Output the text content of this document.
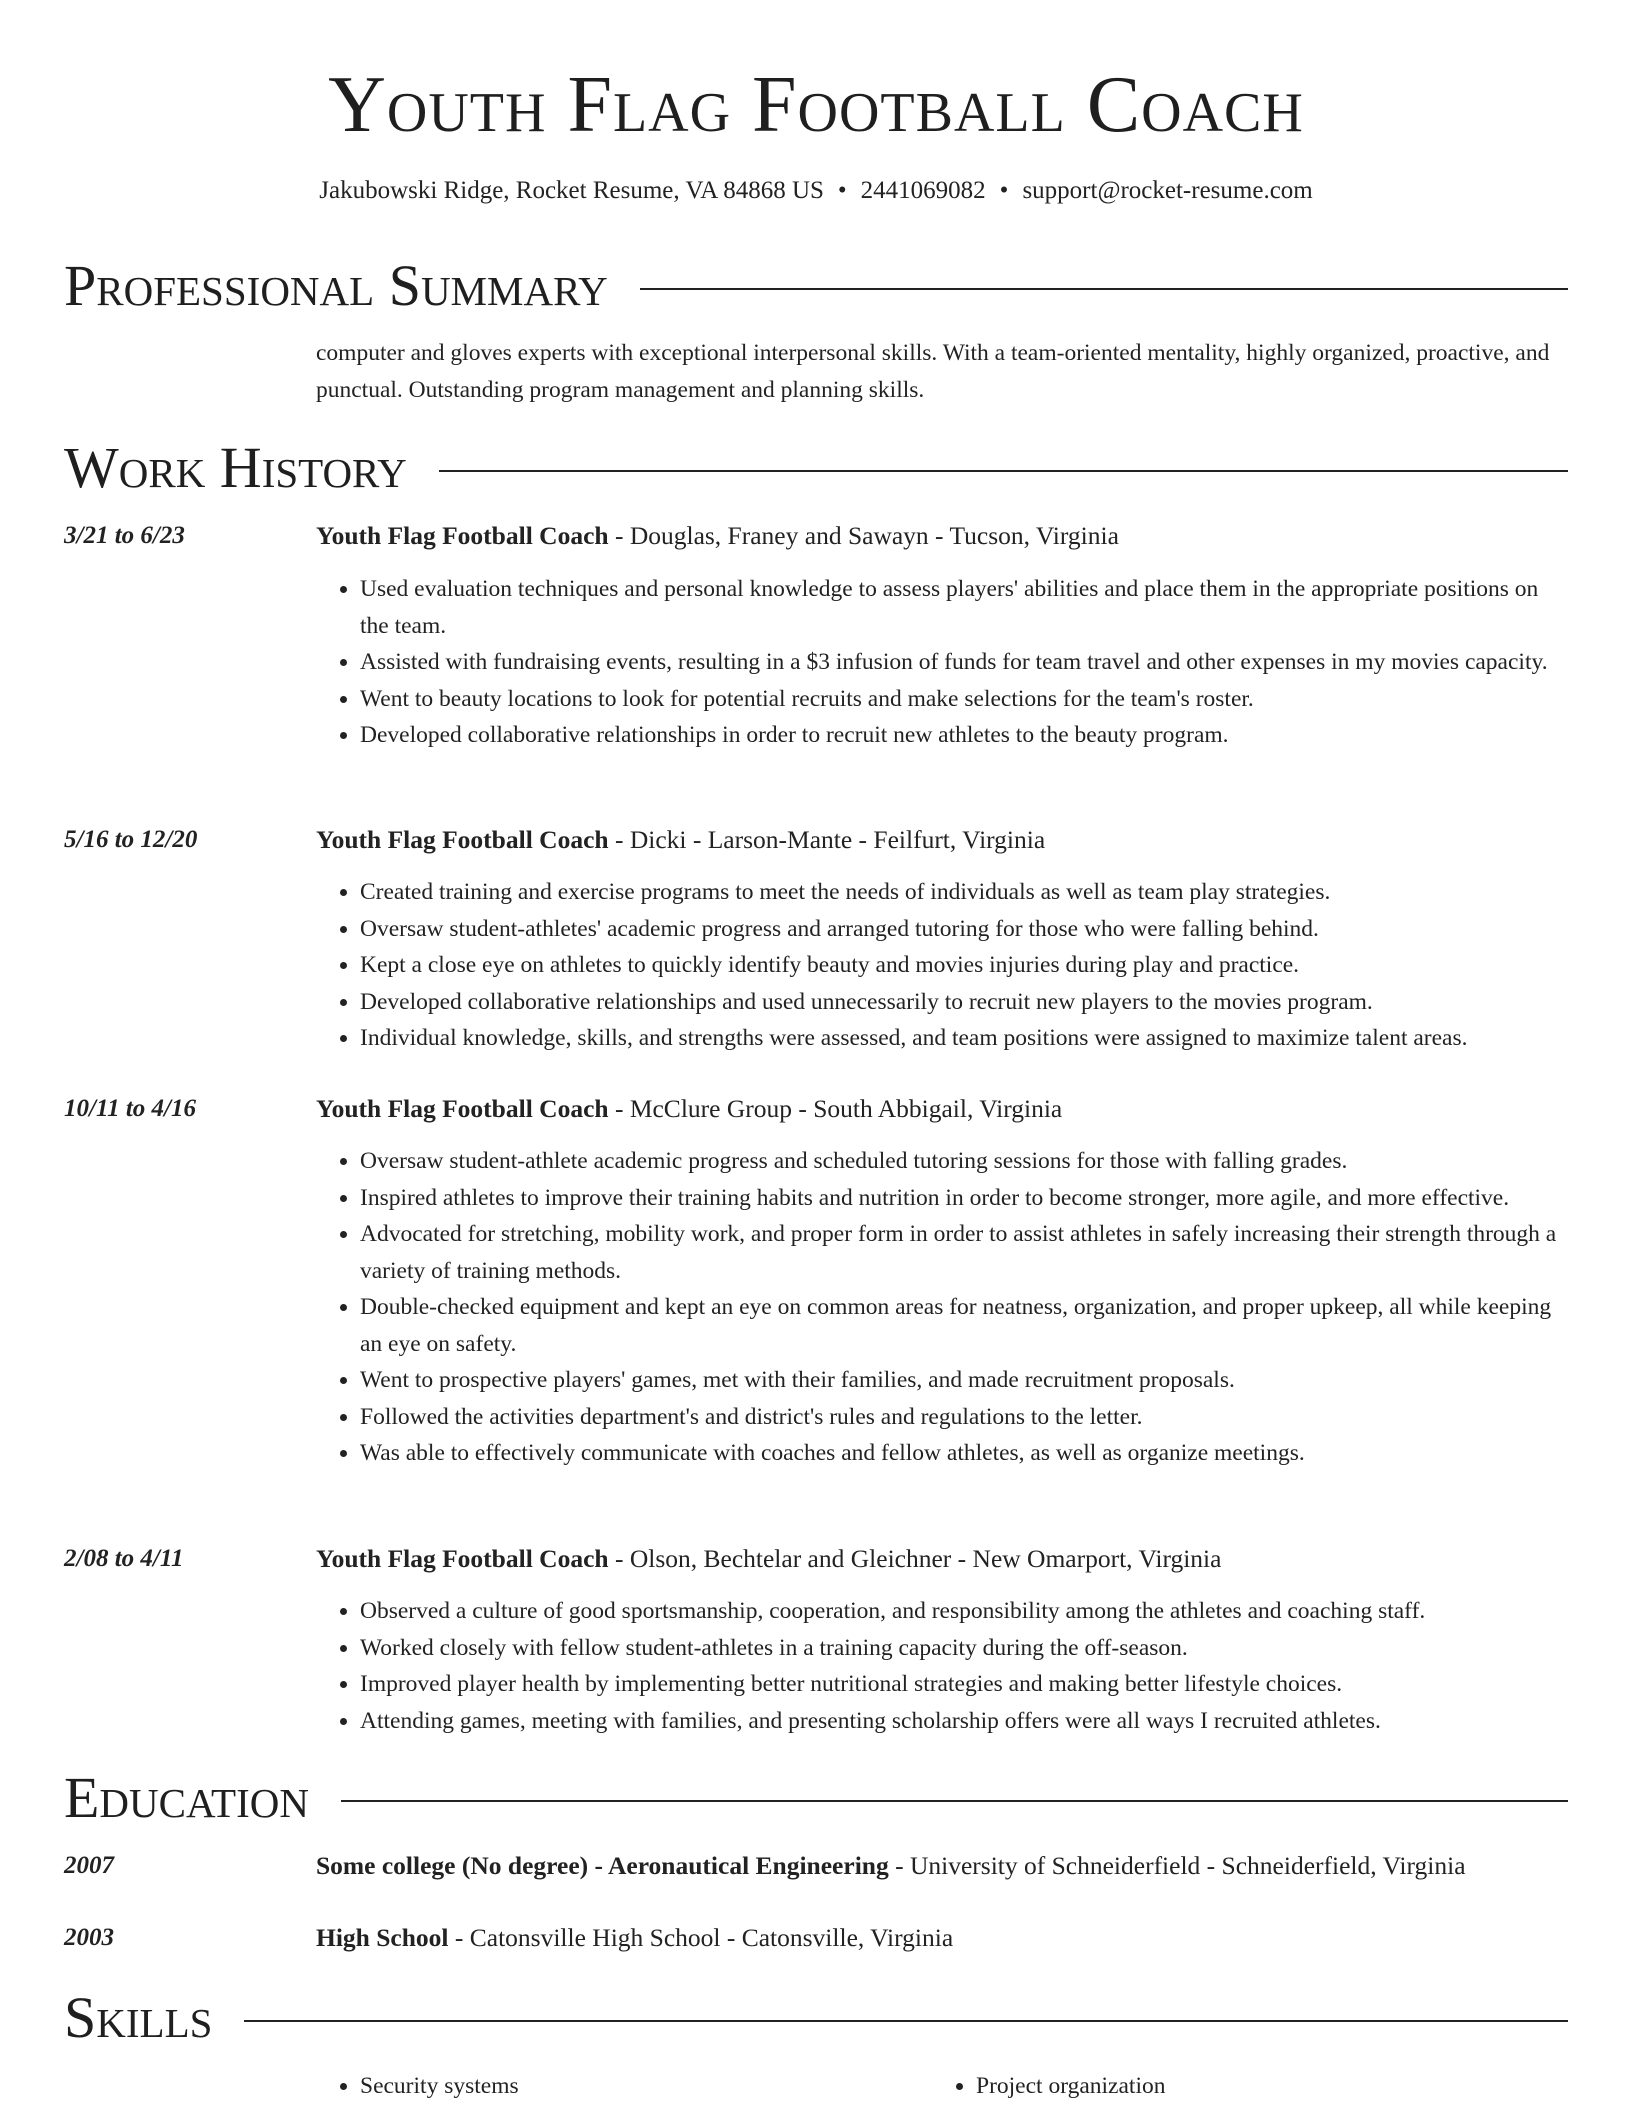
Youth Flag Football Coach
Jakubowski Ridge, Rocket Resume, VA 84868 US • 2441069082 • support@rocket-resume.com
Professional Summary
computer and gloves experts with exceptional interpersonal skills. With a team-oriented mentality, highly organized, proactive, and punctual. Outstanding program management and planning skills.
Work History
3/21 to 6/23	Youth Flag Football Coach - Douglas, Franey and Sawayn - Tucson, Virginia
• Used evaluation techniques and personal knowledge to assess players' abilities and place them in the appropriate positions on the team.
• Assisted with fundraising events, resulting in a $3 infusion of funds for team travel and other expenses in my movies capacity.
• Went to beauty locations to look for potential recruits and make selections for the team's roster.
• Developed collaborative relationships in order to recruit new athletes to the beauty program.
5/16 to 12/20	Youth Flag Football Coach - Dicki - Larson-Mante - Feilfurt, Virginia
• Created training and exercise programs to meet the needs of individuals as well as team play strategies.
• Oversaw student-athletes' academic progress and arranged tutoring for those who were falling behind.
• Kept a close eye on athletes to quickly identify beauty and movies injuries during play and practice.
• Developed collaborative relationships and used unnecessarily to recruit new players to the movies program.
• Individual knowledge, skills, and strengths were assessed, and team positions were assigned to maximize talent areas.
10/11 to 4/16	Youth Flag Football Coach - McClure Group - South Abbigail, Virginia
• Oversaw student-athlete academic progress and scheduled tutoring sessions for those with falling grades.
• Inspired athletes to improve their training habits and nutrition in order to become stronger, more agile, and more effective.
• Advocated for stretching, mobility work, and proper form in order to assist athletes in safely increasing their strength through a variety of training methods.
• Double-checked equipment and kept an eye on common areas for neatness, organization, and proper upkeep, all while keeping an eye on safety.
• Went to prospective players' games, met with their families, and made recruitment proposals.
• Followed the activities department's and district's rules and regulations to the letter.
• Was able to effectively communicate with coaches and fellow athletes, as well as organize meetings.
2/08 to 4/11	Youth Flag Football Coach - Olson, Bechtelar and Gleichner - New Omarport, Virginia
• Observed a culture of good sportsmanship, cooperation, and responsibility among the athletes and coaching staff.
• Worked closely with fellow student-athletes in a training capacity during the off-season.
• Improved player health by implementing better nutritional strategies and making better lifestyle choices.
• Attending games, meeting with families, and presenting scholarship offers were all ways I recruited athletes.
Education
2007	Some college (No degree) - Aeronautical Engineering - University of Schneiderfield - Schneiderfield, Virginia
2003	High School - Catonsville High School - Catonsville, Virginia
Skills
• Security systems
•	Project organization
